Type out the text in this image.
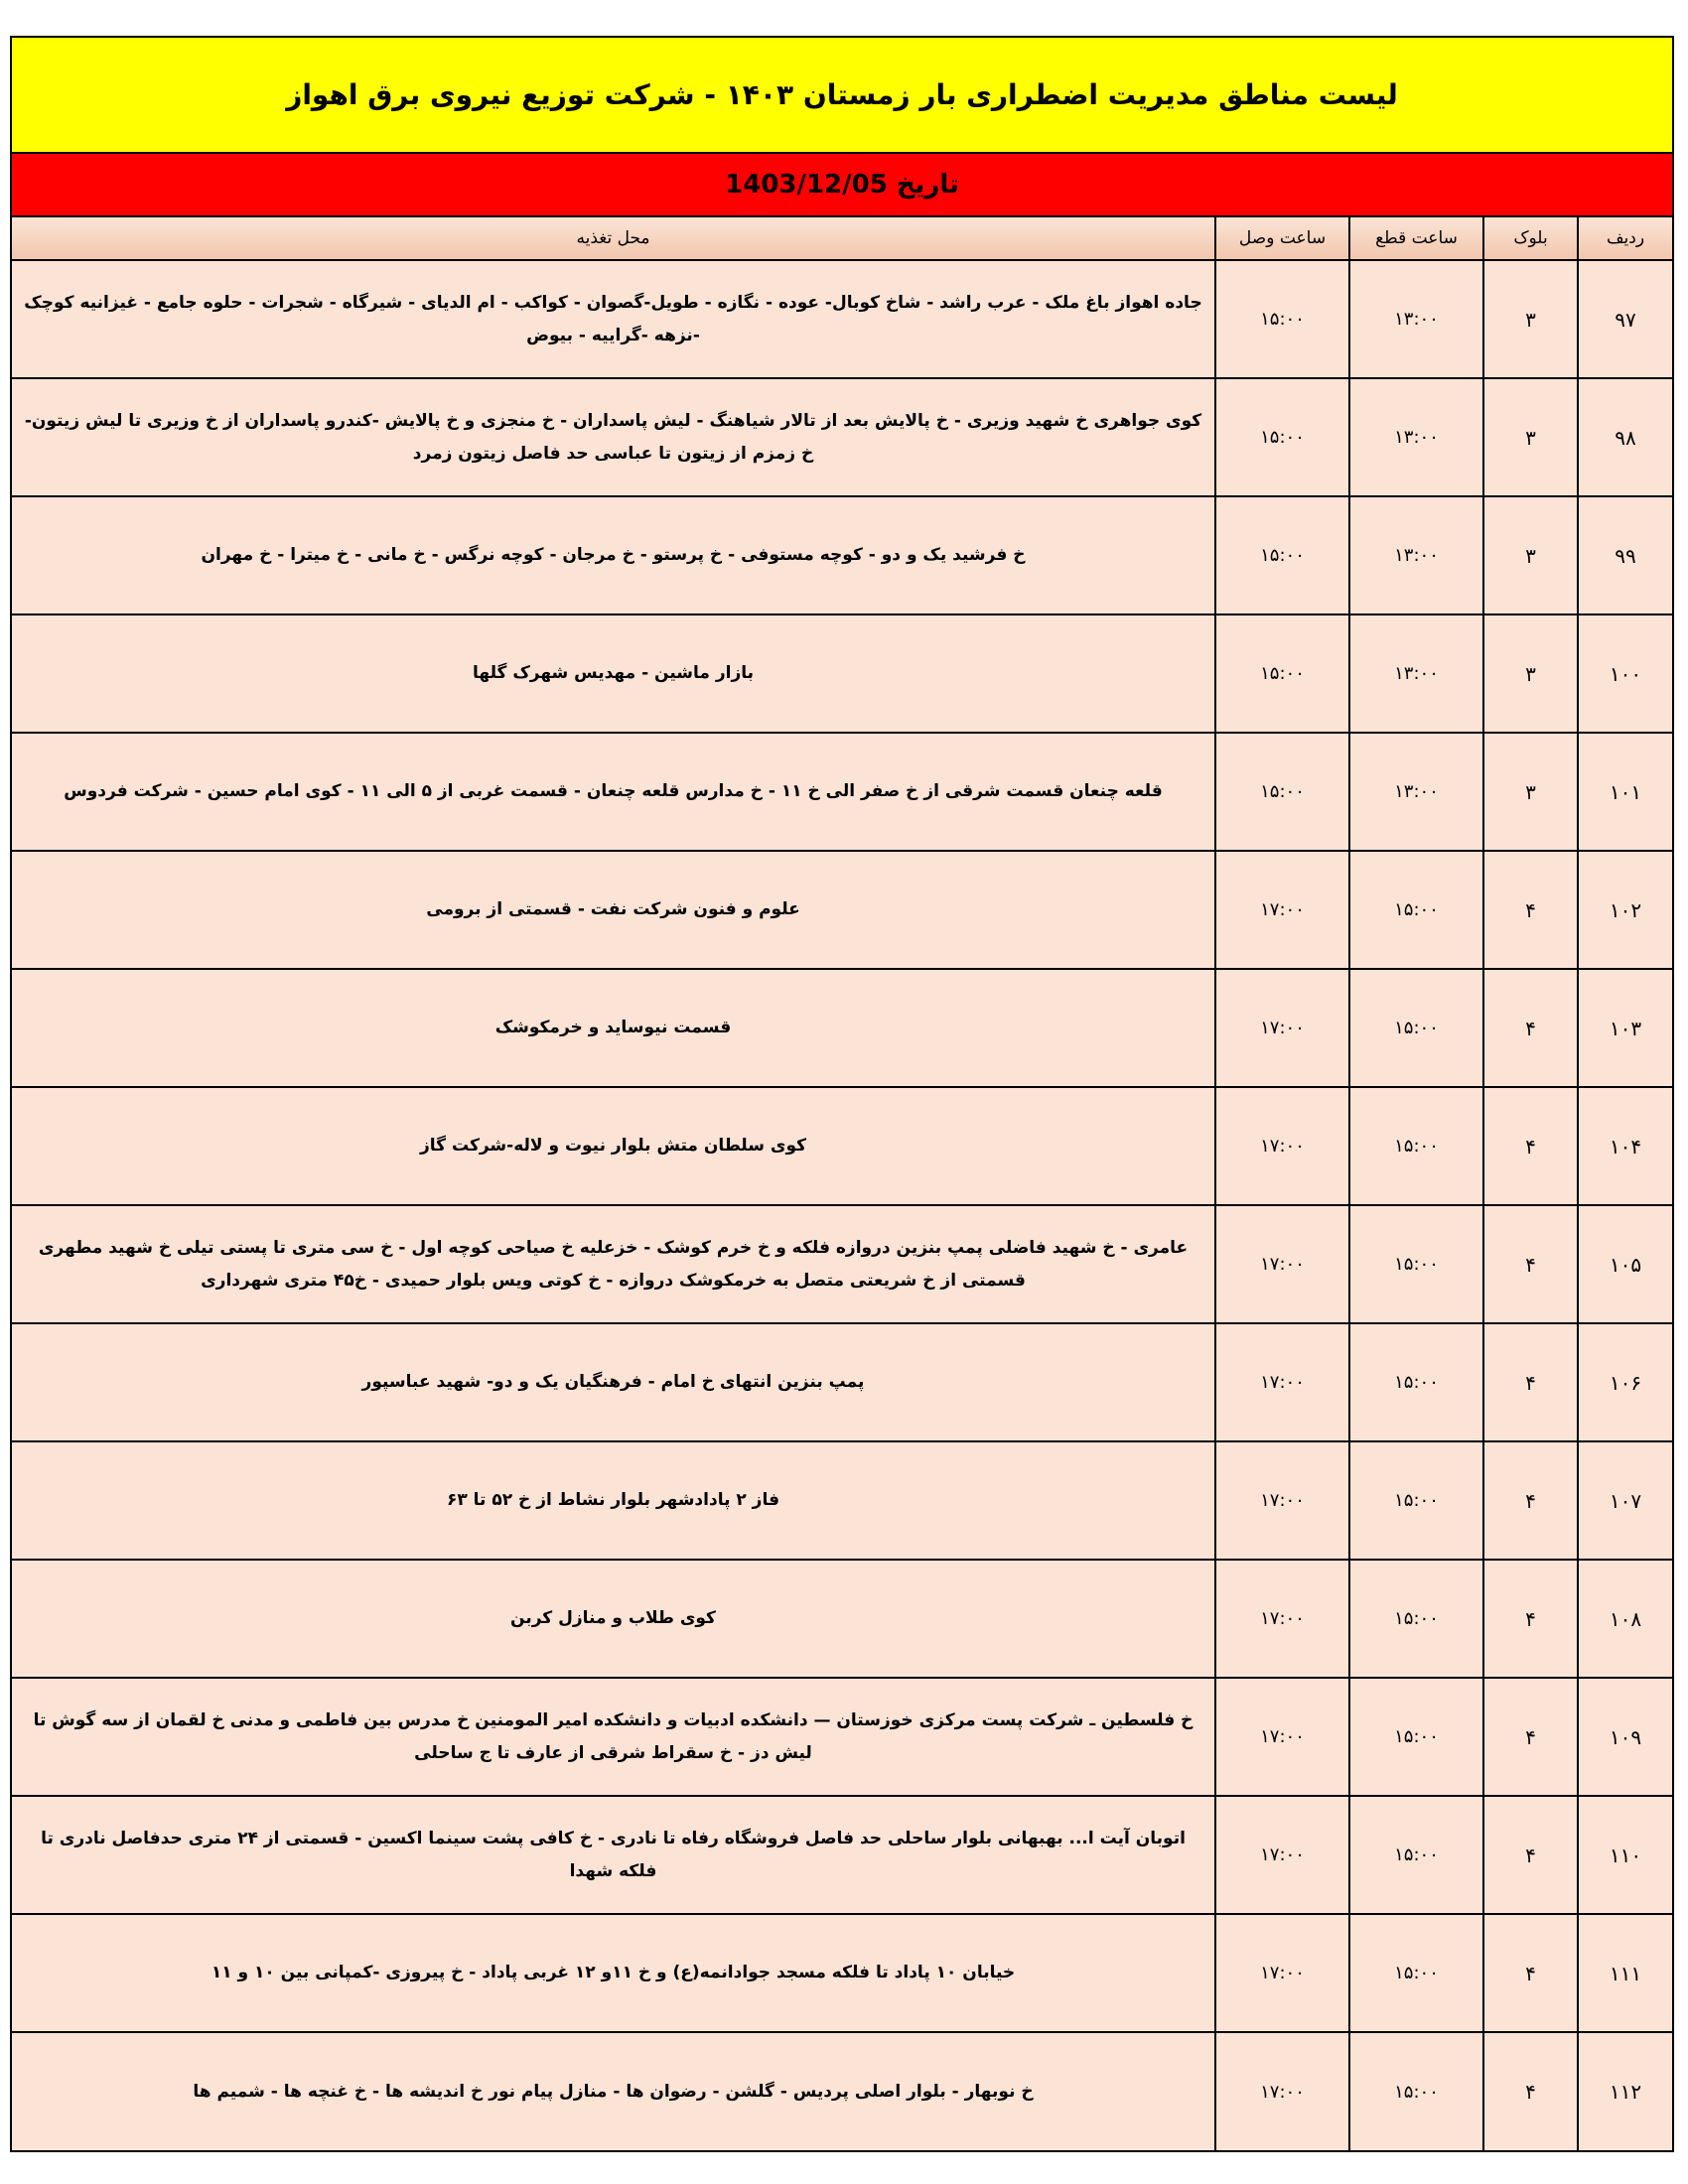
لیست مناطق مدیریت اضطراری بار زمستان ۱۴۰۳ - شرکت توزیع نیروی برق اهواز
تاریخ 1403/12/05
ردیف	بلوک	ساعت قطع	ساعت وصل	محل تغذیه
۹۷	۳	۱۳:۰۰	۱۵:۰۰	جاده اهواز باغ ملک - عرب راشد - شاخ کوبال- عوده - نگازه - طویل-گصوان - کواکب - ام الدیای - شیرگاه - شجرات - حلوه جامع - غیزانیه کوچک -نزهه -گراییه - بیوض
۹۸	۳	۱۳:۰۰	۱۵:۰۰	کوی جواهری خ شهید وزیری - خ پالایش بعد از تالار شیاهنگ - لیش پاسداران - خ منجزی و خ پالایش -کندرو پاسداران از خ وزیری تا لیش زیتون- خ زمزم از زیتون تا عباسی حد فاصل زیتون زمرد
۹۹	۳	۱۳:۰۰	۱۵:۰۰	خ فرشید یک و دو - کوچه مستوفی - خ پرستو - خ مرجان - کوچه نرگس - خ مانی - خ میترا - خ مهران
۱۰۰	۳	۱۳:۰۰	۱۵:۰۰	بازار ماشین - مهدیس شهرک گلها
۱۰۱	۳	۱۳:۰۰	۱۵:۰۰	قلعه چنعان قسمت شرقی از خ صفر الی خ ۱۱ - خ مدارس قلعه چنعان - قسمت غربی از ۵ الی ۱۱ - کوی امام حسین - شرکت فردوس
۱۰۲	۴	۱۵:۰۰	۱۷:۰۰	علوم و فنون شرکت نفت - قسمتی از برومی
۱۰۳	۴	۱۵:۰۰	۱۷:۰۰	قسمت نیوساید و خرمکوشک
۱۰۴	۴	۱۵:۰۰	۱۷:۰۰	کوی سلطان متش بلوار نیوت و لاله-شرکت گاز
۱۰۵	۴	۱۵:۰۰	۱۷:۰۰	عامری - خ شهید فاضلی پمپ بنزین دروازه فلکه و خ خرم کوشک - خزعلیه خ صیاحی کوچه اول - خ سی متری تا پستی تیلی خ شهید مطهری قسمتی از خ شریعتی متصل به خرمکوشک دروازه - خ کوتی ویس بلوار حمیدی - خ۴۵ متری شهرداری
۱۰۶	۴	۱۵:۰۰	۱۷:۰۰	پمپ بنزین انتهای خ امام - فرهنگیان یک و دو- شهید عباسپور
۱۰۷	۴	۱۵:۰۰	۱۷:۰۰	فاز ۲ پادادشهر بلوار نشاط از خ ۵۲ تا ۶۳
۱۰۸	۴	۱۵:۰۰	۱۷:۰۰	کوی طلاب و منازل کربن
۱۰۹	۴	۱۵:۰۰	۱۷:۰۰	خ فلسطین ـ شرکت پست مرکزی خوزستان — دانشکده ادبیات و دانشکده امیر المومنین خ مدرس بین فاطمی و مدنی خ لقمان از سه گوش تا لیش دز - خ سقراط شرقی از عارف تا ج ساحلی
۱۱۰	۴	۱۵:۰۰	۱۷:۰۰	اتوبان آیت ا... بهبهانی بلوار ساحلی حد فاصل فروشگاه رفاه تا نادری - خ کافی پشت سینما اکسین - قسمتی از ۲۴ متری حدفاصل نادری تا فلکه شهدا
۱۱۱	۴	۱۵:۰۰	۱۷:۰۰	خیابان ۱۰ پاداد تا فلکه مسجد جوادانمه(ع) و خ ۱۱و ۱۲ غربی پاداد - خ پیروزی -کمپانی بین ۱۰ و ۱۱
۱۱۲	۴	۱۵:۰۰	۱۷:۰۰	خ نوبهار - بلوار اصلی پردیس - گلشن - رضوان ها - منازل پیام نور خ اندیشه ها - خ غنچه ها - شمیم ها
